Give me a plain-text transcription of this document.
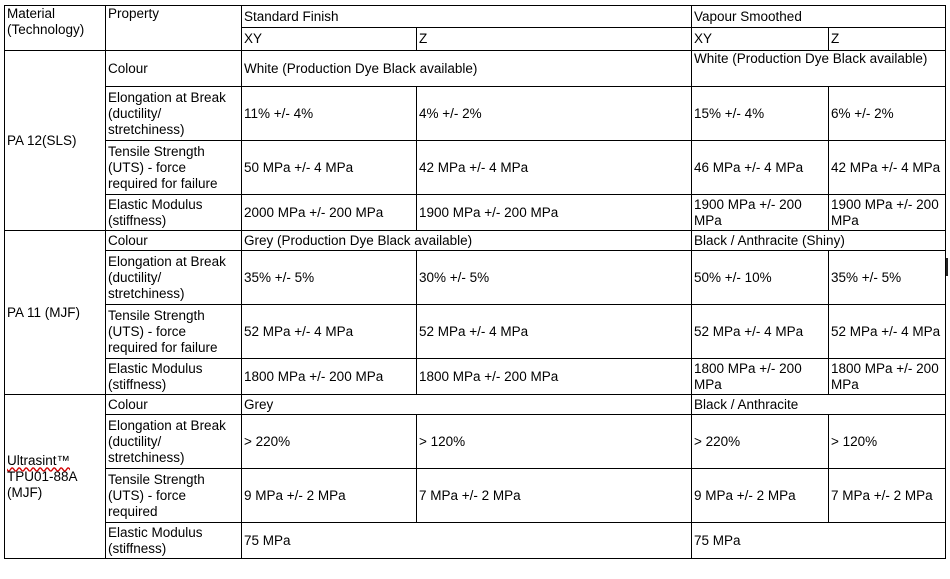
Material (Technology)	Property	Standard Finish		Vapour Smoothed	
		XY	Z	XY	Z
PA 12(SLS)	Colour	White (Production Dye Black available)		White (Production Dye Black available)	
	Elongation at Break (ductility/ stretchiness)	11% +/- 4%	4% +/- 2%	15% +/- 4%	6% +/- 2%
	Tensile Strength (UTS) - force required for failure	50 MPa +/- 4 MPa	42 MPa +/- 4 MPa	46 MPa +/- 4 MPa	42 MPa +/- 4 MPa
	Elastic Modulus (stiffness)	2000 MPa +/- 200 MPa	1900 MPa +/- 200 MPa	1900 MPa +/- 200 MPa	1900 MPa +/- 200 MPa
PA 11 (MJF)	Colour	Grey (Production Dye Black available)		Black / Anthracite (Shiny)	
	Elongation at Break (ductility/ stretchiness)	35% +/- 5%	30% +/- 5%	50% +/- 10%	35% +/- 5%
	Tensile Strength (UTS) - force required for failure	52 MPa +/- 4 MPa	52 MPa +/- 4 MPa	52 MPa +/- 4 MPa	52 MPa +/- 4 MPa
	Elastic Modulus (stiffness)	1800 MPa +/- 200 MPa	1800 MPa +/- 200 MPa	1800 MPa +/- 200 MPa	1800 MPa +/- 200 MPa
Ultrasint™
TPU01-88A (MJF)	Colour	Grey		Black / Anthracite	
	Elongation at Break (ductility/ stretchiness)	> 220%	> 120%	> 220%	> 120%
	Tensile Strength (UTS) - force required	9 MPa +/- 2 MPa	7 MPa +/- 2 MPa	9 MPa +/- 2 MPa	7 MPa +/- 2 MPa
	Elastic Modulus (stiffness)	75 MPa		75 MPa	
